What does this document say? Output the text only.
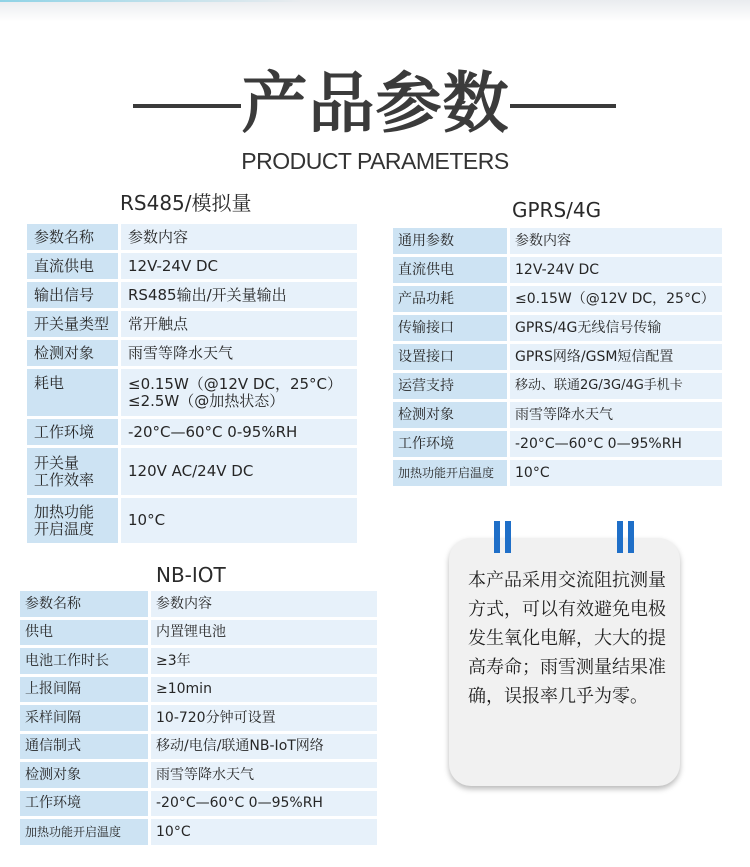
产品参数
PRODUCT PARAMETERS
RS485/模拟量
参数名称	参数内容
直流供电	12V-24V DC
输出信号	RS485输出/开关量输出
开关量类型	常开触点
检测对象	雨雪等降水天气
耗电	≤0.15W（@12V DC，25°C）
≤2.5W（@加热状态）

工作环境	-20°C—60°C 0-95%RH

开关量
工作效率	120V AC/24V DC

加热功能
开启温度	10°C
GPRS/4G
通用参数	参数内容
直流供电	12V-24V DC
产品功耗	≤0.15W（@12V DC，25°C）
传输接口	GPRS/4G无线信号传输
设置接口	GPRS网络/GSM短信配置
运营支持	移动、联通2G/3G/4G手机卡
检测对象	雨雪等降水天气
工作环境	-20°C—60°C 0—95%RH
加热功能开启温度	10°C
本产品采用交流阻抗测量方式，可以有效避免电极发生氧化电解，大大的提高寿命；雨雪测量结果准确，误报率几乎为零。
NB-IOT
参数名称	参数内容
供电	内置锂电池
电池工作时长	≥3年
上报间隔	≥10min
采样间隔	10-720分钟可设置
通信制式	移动/电信/联通NB-IoT网络
检测对象	雨雪等降水天气
工作环境	-20°C—60°C 0—95%RH
加热功能开启温度	10°C
